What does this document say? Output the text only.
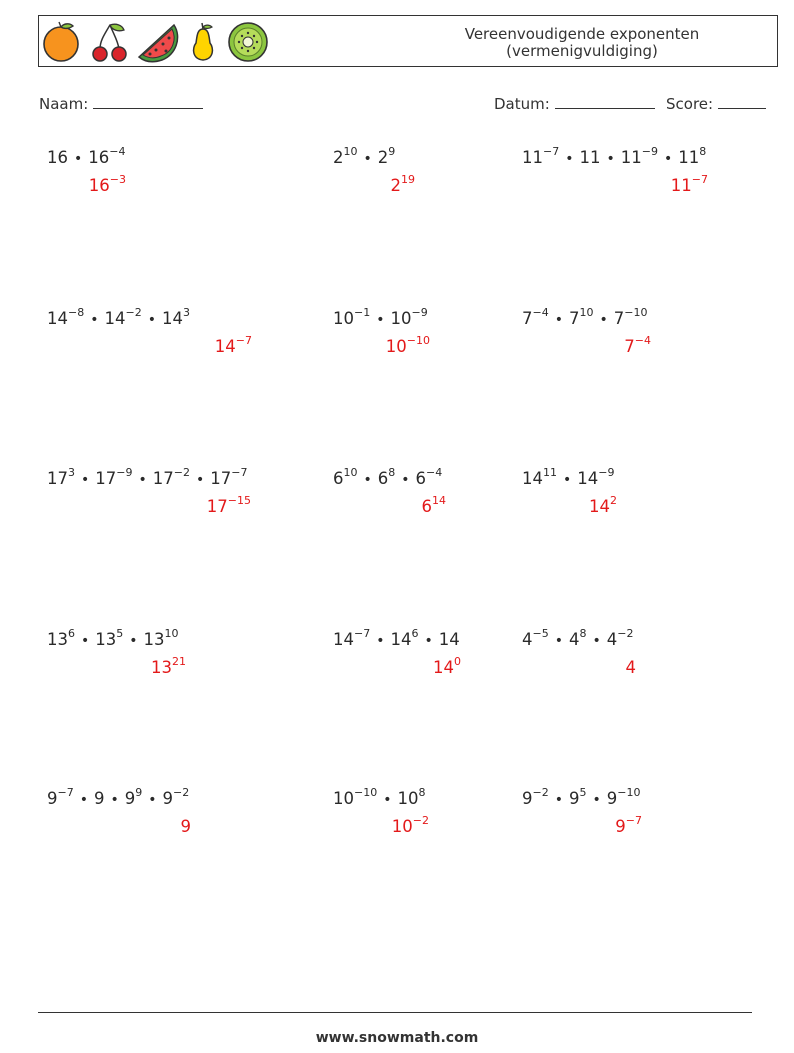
Vereenvoudigende exponenten
(vermenigvuldiging)
Naam:	Datum:	Score:
16 • $16^{-4}$
$16^{-3}$
$2^{10}$ • $2^9$
$2^{19}$
$11^{-7}$ • 11 • $11^{-9}$ • $11^8$
$11^{-7}$
$14^{-8}$ • $14^{-2}$ • $14^3$
$14^{-7}$
$10^{-1}$ • $10^{-9}$
$10^{-10}$
$7^{-4}$ • $7^{10}$ • $7^{-10}$
$7^{-4}$
$17^3$ • $17^{-9}$ • $17^{-2}$ • $17^{-7}$
$17^{-15}$
$6^{10}$ • $6^8$ • $6^{-4}$
$6^{14}$
$14^{11}$ • $14^{-9}$
$14^2$
$13^6$ • $13^5$ • $13^{10}$
$13^{21}$
$14^{-7}$ • $14^6$ • 14
$14^0$
$4^{-5}$ • $4^8$ • $4^{-2}$
4
$9^{-7}$ • 9 • $9^9$ • $9^{-2}$
9
$10^{-10}$ • $10^8$
$10^{-2}$
$9^{-2}$ • $9^5$ • $9^{-10}$
$9^{-7}$
www.snowmath.com
